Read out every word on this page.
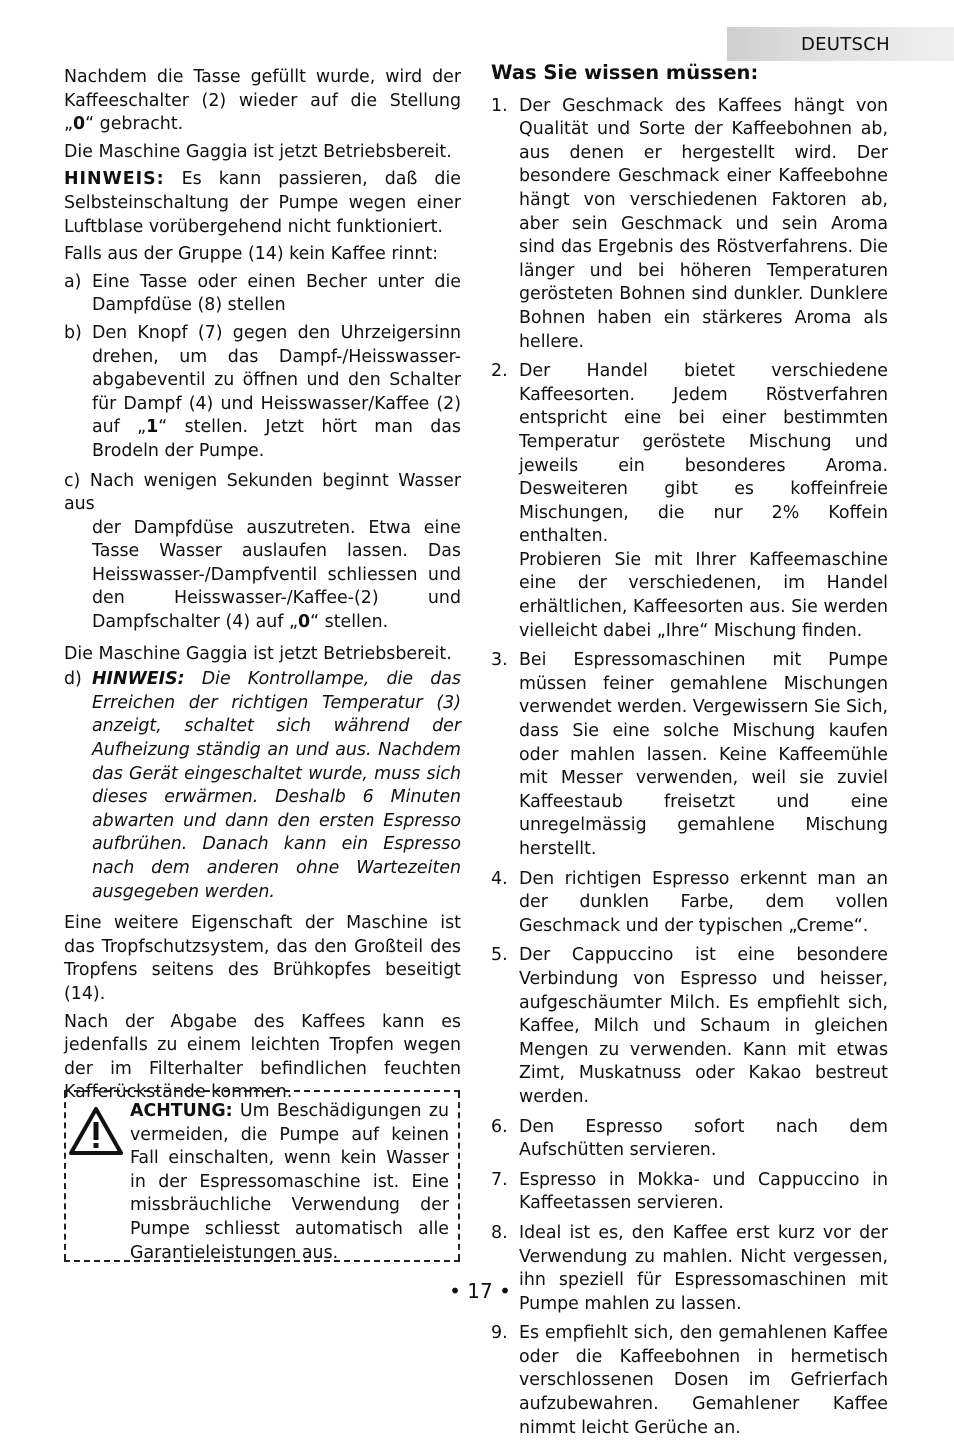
DEUTSCH

Nachdem die Tasse gefüllt wurde, wird der Kaffeeschalter (2) wieder auf die Stellung „0“ gebracht.

Die Maschine Gaggia ist jetzt Betriebsbereit.

HINWEIS: Es kann passieren, daß die Selbsteinschaltung der Pumpe wegen einer Luftblase vorübergehend nicht funktioniert.

Falls aus der Gruppe (14) kein Kaffee rinnt:

a) Eine Tasse oder einen Becher unter die Dampfdüse (8) stellen
b) Den Knopf (7) gegen den Uhrzeigersinn drehen, um das Dampf-/Heisswasser-abgabeventil zu öffnen und den Schalter für Dampf (4) und Heisswasser/Kaffee (2) auf „1“ stellen. Jetzt hört man das Brodeln der Pumpe.
c) Nach wenigen Sekunden beginnt Wasser aus
der Dampfdüse auszutreten. Etwa eine Tasse Wasser auslaufen lassen. Das Heisswasser-/Dampfventil schliessen und den Heisswasser-/Kaffee-(2) und Dampfschalter (4) auf „0“ stellen.

Die Maschine Gaggia ist jetzt Betriebsbereit.

d) HINWEIS: Die Kontrollampe, die das Erreichen der richtigen Temperatur (3) anzeigt, schaltet sich während der Aufheizung ständig an und aus. Nachdem das Gerät eingeschaltet wurde, muss sich dieses erwärmen. Deshalb 6 Minuten abwarten und dann den ersten Espresso aufbrühen. Danach kann ein Espresso nach dem anderen ohne Wartezeiten ausgegeben werden.

Eine weitere Eigenschaft der Maschine ist das Tropfschutzsystem, das den Großteil des Tropfens seitens des Brühkopfes beseitigt (14).

Nach der Abgabe des Kaffees kann es jedenfalls zu einem leichten Tropfen wegen der im Filterhalter befindlichen feuchten Kafferückstände kommen.

ACHTUNG: Um Beschädigungen zu vermeiden, die Pumpe auf keinen Fall einschalten, wenn kein Wasser in der Espressomaschine ist. Eine missbräuchliche Verwendung der Pumpe schliesst automatisch alle Garantieleistungen aus.
Was Sie wissen müssen:
1. Der Geschmack des Kaffees hängt von Qualität und Sorte der Kaffeebohnen ab, aus denen er hergestellt wird. Der besondere Geschmack einer Kaffeebohne hängt von verschiedenen Faktoren ab, aber sein Geschmack und sein Aroma sind das Ergebnis des Röstverfahrens. Die länger und bei höheren Temperaturen gerösteten Bohnen sind dunkler. Dunklere Bohnen haben ein stärkeres Aroma als hellere.
2. Der Handel bietet verschiedene Kaffeesorten. Jedem Röstverfahren entspricht eine bei einer bestimmten Temperatur geröstete Mischung und jeweils ein besonderes Aroma. Desweiteren gibt es koffeinfreie Mischungen, die nur 2% Koffein enthalten.
Probieren Sie mit Ihrer Kaffeemaschine eine der verschiedenen, im Handel erhältlichen, Kaffeesorten aus. Sie werden vielleicht dabei „Ihre“ Mischung finden.
3. Bei Espressomaschinen mit Pumpe müssen feiner gemahlene Mischungen verwendet werden. Vergewissern Sie Sich, dass Sie eine solche Mischung kaufen oder mahlen lassen. Keine Kaffeemühle mit Messer verwenden, weil sie zuviel Kaffeestaub freisetzt und eine unregelmässig gemahlene Mischung herstellt.
4. Den richtigen Espresso erkennt man an der dunklen Farbe, dem vollen Geschmack und der typischen „Creme“.
5. Der Cappuccino ist eine besondere Verbindung von Espresso und heisser, aufgeschäumter Milch. Es empfiehlt sich, Kaffee, Milch und Schaum in gleichen Mengen zu verwenden. Kann mit etwas Zimt, Muskatnuss oder Kakao bestreut werden.
6. Den Espresso sofort nach dem Aufschütten servieren.
7. Espresso in Mokka- und Cappuccino in Kaffeetassen servieren.
8. Ideal ist es, den Kaffee erst kurz vor der Verwendung zu mahlen. Nicht vergessen, ihn speziell für Espressomaschinen mit Pumpe mahlen zu lassen.
9. Es empfiehlt sich, den gemahlenen Kaffee oder die Kaffeebohnen in hermetisch verschlossenen Dosen im Gefrierfach aufzubewahren. Gemahlener Kaffee nimmt leicht Gerüche an.
• 17 •
